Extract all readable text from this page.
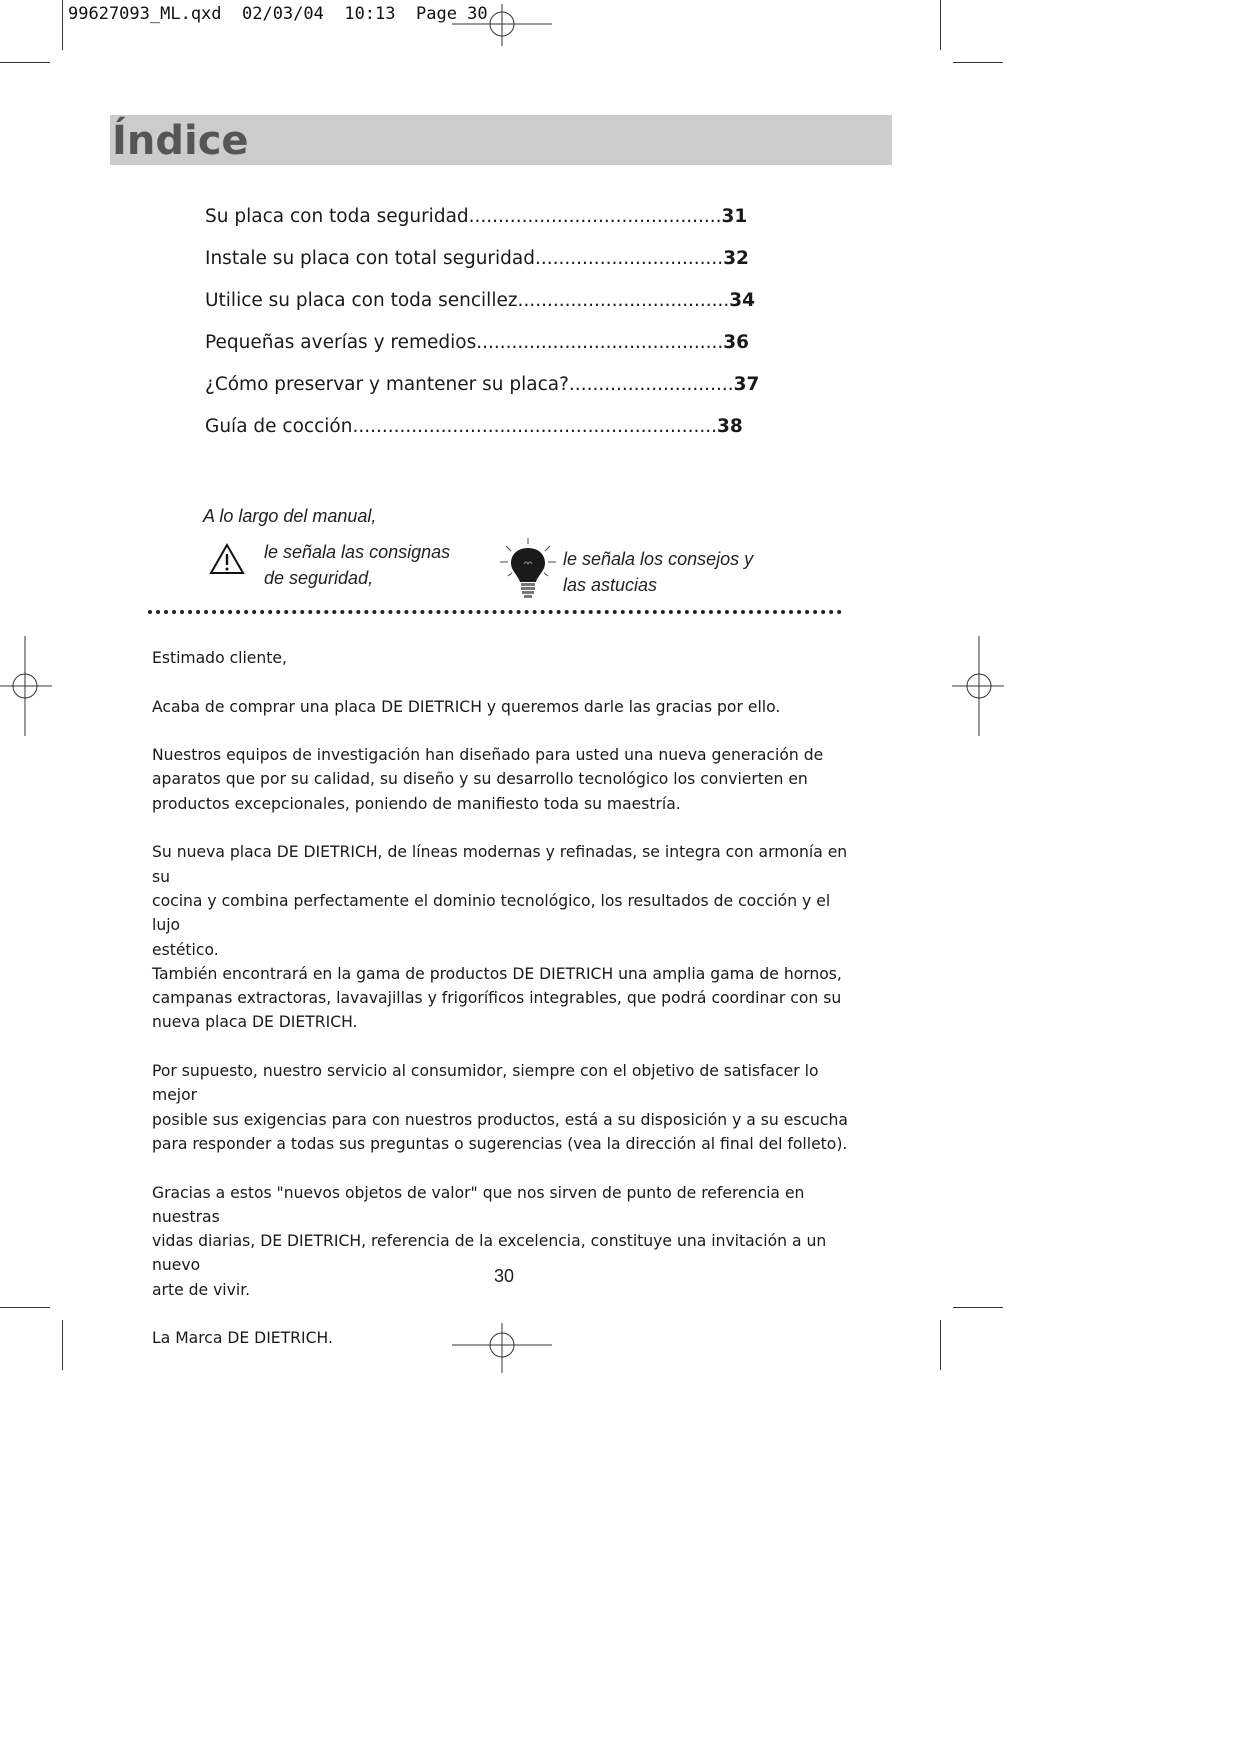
99627093_ML.qxd  02/03/04  10:13  Page 30
Índice
Su placa con toda seguridad...........................................31
Instale su placa con total seguridad................................32
Utilice su placa con toda sencillez....................................34
Pequeñas averías y remedios..........................................36
¿Cómo preservar y mantener su placa?............................37
Guía de cocción..............................................................38
A lo largo del manual,
le señala las consignas
de seguridad,
le señala los consejos y
las astucias

Estimado cliente,

Acaba de comprar una placa DE DIETRICH y queremos darle las gracias por ello.

Nuestros equipos de investigación han diseñado para usted una nueva generación de
aparatos que por su calidad, su diseño y su desarrollo tecnológico los convierten en
productos excepcionales, poniendo de manifiesto toda su maestría.

Su nueva placa DE DIETRICH, de líneas modernas y refinadas, se integra con armonía en su
cocina y combina perfectamente el dominio tecnológico, los resultados de cocción y el lujo
estético.

También encontrará en la gama de productos DE DIETRICH una amplia gama de hornos,
campanas extractoras, lavavajillas y frigoríficos integrables, que podrá coordinar con su
nueva placa DE DIETRICH.

Por supuesto, nuestro servicio al consumidor, siempre con el objetivo de satisfacer lo mejor
posible sus exigencias para con nuestros productos, está a su disposición y a su escucha
para responder a todas sus preguntas o sugerencias (vea la dirección al final del folleto).

Gracias a estos "nuevos objetos de valor" que nos sirven de punto de referencia en nuestras
vidas diarias, DE DIETRICH, referencia de la excelencia, constituye una invitación a un nuevo
arte de vivir.

La Marca DE DIETRICH.

30
